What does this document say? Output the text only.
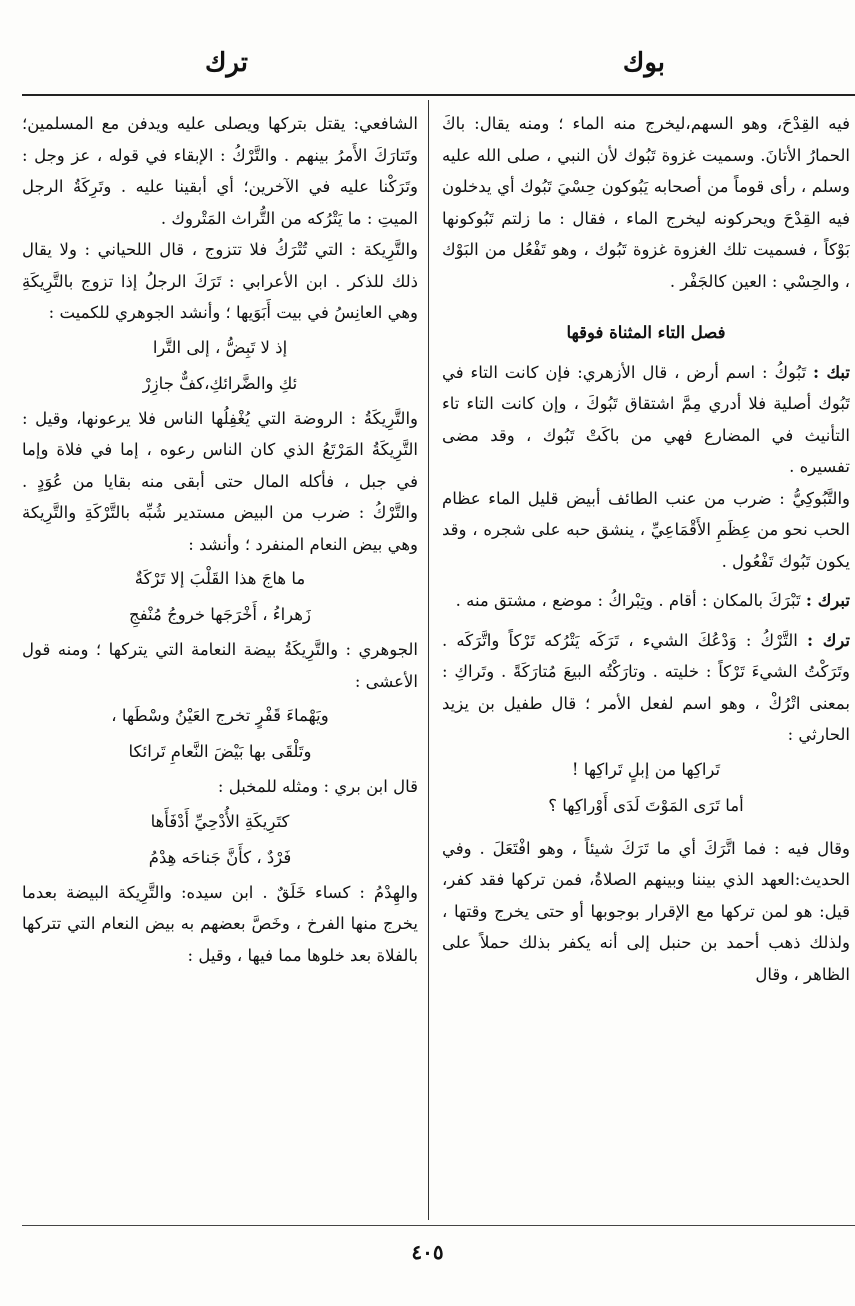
بوك
ترك

فيه القِدْحَ، وهو السهم،ليخرج منه الماء ؛ ومنه يقال: باكَ الحمارُ الأتانَ. وسميت غزوة تَبُوك لأن النبي ، صلى الله عليه وسلم ، رأى قوماً من أصحابه يَبُوكون حِسْيَ تَبُوك أي يدخلون فيه القِدْحَ ويحركونه ليخرج الماء ، فقال : ما زلتم تَبُوكونها بَوْكاً ، فسميت تلك الغزوة غزوة تَبُوك ، وهو تَفْعُل من البَوْك ، والحِسْي : العين كالجَفْر .

فصل التاء المثناة فوقها

تبك : تَبُوكُ : اسم أرض ، قال الأزهري: فإن كانت التاء في تَبُوك أصلية فلا أدري مِمَّ اشتقاق تَبُوكَ ، وإن كانت التاء تاء التأنيث في المضارع فهي من باكَتْ تَبُوك ، وقد مضى تفسيره .

والتَّبُوكِيُّ : ضرب من عنب الطائف أبيض قليل الماء عظام الحب نحو من عِظَمِ الأَقْمَاعِيِّ ، ينشق حبه على شجره ، وقد يكون تَبُوك تَفْعُول .

تبرك : تَبْرَكَ بالمكان : أقام . وتِبْراكُ : موضع ، مشتق منه .

ترك : التَّرْكُ : وَدْعُكَ الشيء ، تَرَكَه يَتْرُكه تَرْكاً واتَّرَكَه . وتَرَكْتُ الشيءَ تَرْكاً : خليته . وتارَكْتُه البيعَ مُتارَكَةً . وتَراكِ : بمعنى اتْرُكْ ، وهو اسم لفعل الأمر ؛ قال طفيل بن يزيد الحارثي :

تَراكِها من إبلٍ تَراكِها !

أما تَرَى المَوْتَ لَدَى أَوْراكِها ؟

وقال فيه : فما اتَّرَكَ أي ما تَرَكَ شيئاً ، وهو افْتَعَلَ . وفي الحديث:العهد الذي بيننا وبينهم الصلاةُ، فمن تركها فقد كفر، قيل: هو لمن تركها مع الإقرار بوجوبها أو حتى يخرج وقتها ، ولذلك ذهب أحمد بن حنبل إلى أنه يكفر بذلك حملاً على الظاهر ، وقال

الشافعي: يقتل بتركها ويصلى عليه ويدفن مع المسلمين؛ وتَتارَكَ الأَمرُ بينهم . والتَّرْكُ : الإبقاء في قوله ، عز وجل : وتَرَكْنا عليه في الآخرين؛ أي أبقينا عليه . وتَرِكَةُ الرجل الميتِ : ما يَتْرُكه من التُّراث المَتْروك .

والتَّرِيكة : التي تُتْرَكُ فلا تتزوج ، قال اللحياني : ولا يقال ذلك للذكر . ابن الأعرابي : تَرَكَ الرجلُ إذا تزوج بالتَّرِيكَةِ وهي العانِسُ في بيت أَبَوَيها ؛ وأنشد الجوهري للكميت :

إذ لا تَبِضُّ ، إلى التَّرا

ئكِ والضَّرائكِ،كفٌّ جازِرْ

والتَّرِيكَةُ : الروضة التي يُغْفِلُها الناس فلا يرعونها، وقيل : التَّرِيكَةُ المَرْتَعُ الذي كان الناس رعوه ، إما في فلاة وإما في جبل ، فأكله المال حتى أبقى منه بقايا من عُوَدٍ . والتَّرْكُ : ضرب من البيض مستدير شُبِّه بالتَّرْكَةِ والتَّرِيكة وهي بيض النعام المنفرد ؛ وأنشد :

ما هاجَ هذا القَلْبَ إلا تَرْكَةٌ

زَهراءُ ، أَخْرَجَها خروجُ مُنْفجِ

الجوهري : والتَّرِيكَةُ بيضة النعامة التي يتركها ؛ ومنه قول الأعشى :

ويَهْماءَ قَفْرٍ تخرج العَيْنُ وسْطَها ،

وتَلْقَى بها بَيْضَ النَّعامِ تَرائكا

قال ابن بري : ومثله للمخبل :

كتَرِيكَةِ الأُدْحِيِّ أَدْفَأَها

فَرْدٌ ، كأَنَّ جَناحَه هِدْمُ

والهِدْمُ : كساء خَلَقٌ . ابن سيده: والتَّرِيكة البيضة بعدما يخرج منها الفرخ ، وخَصَّ بعضهم به بيض النعام التي تتركها بالفلاة بعد خلوها مما فيها ، وقيل :

٤٠٥
